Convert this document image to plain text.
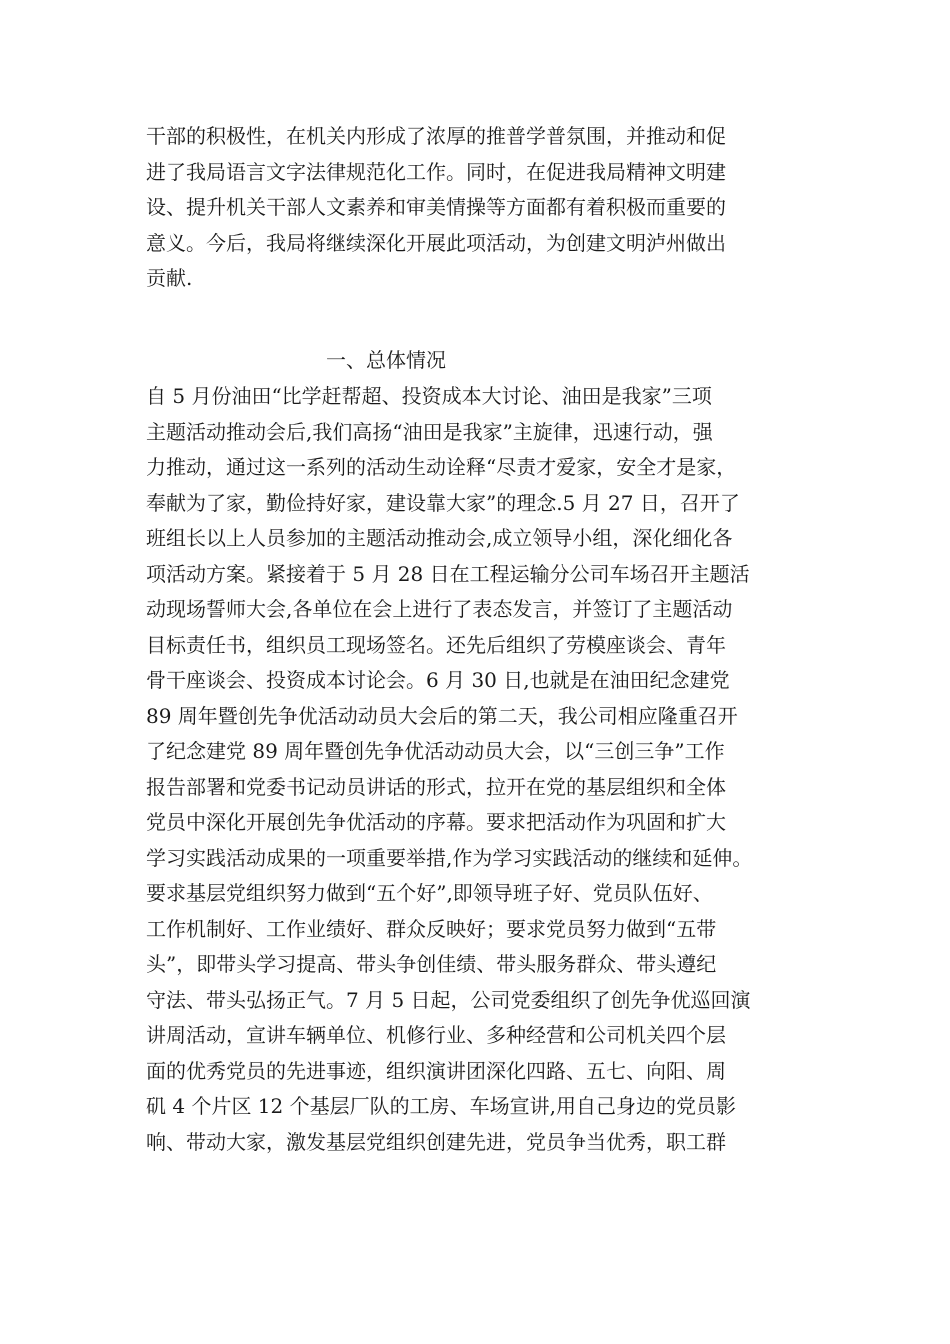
干部的积极性，在机关内形成了浓厚的推普学普氛围，并推动和促
进了我局语言文字法律规范化工作。同时，在促进我局精神文明建
设、提升机关干部人文素养和审美情操等方面都有着积极而重要的
意义。今后，我局将继续深化开展此项活动，为创建文明泸州做出
贡献.
一、总体情况
自 5 月份油田“比学赶帮超、投资成本大讨论、油田是我家”三项
主题活动推动会后,我们高扬“油田是我家”主旋律，迅速行动，强
力推动，通过这一系列的活动生动诠释“尽责才爱家，安全才是家，
奉献为了家，勤俭持好家，建设靠大家”的理念.5 月 27 日，召开了
班组长以上人员参加的主题活动推动会,成立领导小组，深化细化各
项活动方案。紧接着于 5 月 28 日在工程运输分公司车场召开主题活
动现场誓师大会,各单位在会上进行了表态发言，并签订了主题活动
目标责任书，组织员工现场签名。还先后组织了劳模座谈会、青年
骨干座谈会、投资成本讨论会。6 月 30 日,也就是在油田纪念建党
89 周年暨创先争优活动动员大会后的第二天，我公司相应隆重召开
了纪念建党 89 周年暨创先争优活动动员大会，以“三创三争”工作
报告部署和党委书记动员讲话的形式，拉开在党的基层组织和全体
党员中深化开展创先争优活动的序幕。要求把活动作为巩固和扩大
学习实践活动成果的一项重要举措,作为学习实践活动的继续和延伸。
要求基层党组织努力做到“五个好”,即领导班子好、党员队伍好、
工作机制好、工作业绩好、群众反映好；要求党员努力做到“五带
头”，即带头学习提高、带头争创佳绩、带头服务群众、带头遵纪
守法、带头弘扬正气。7 月 5 日起，公司党委组织了创先争优巡回演
讲周活动，宣讲车辆单位、机修行业、多种经营和公司机关四个层
面的优秀党员的先进事迹，组织演讲团深化四路、五七、向阳、周
矶 4 个片区 12 个基层厂队的工房、车场宣讲,用自己身边的党员影
响、带动大家，激发基层党组织创建先进，党员争当优秀，职工群
